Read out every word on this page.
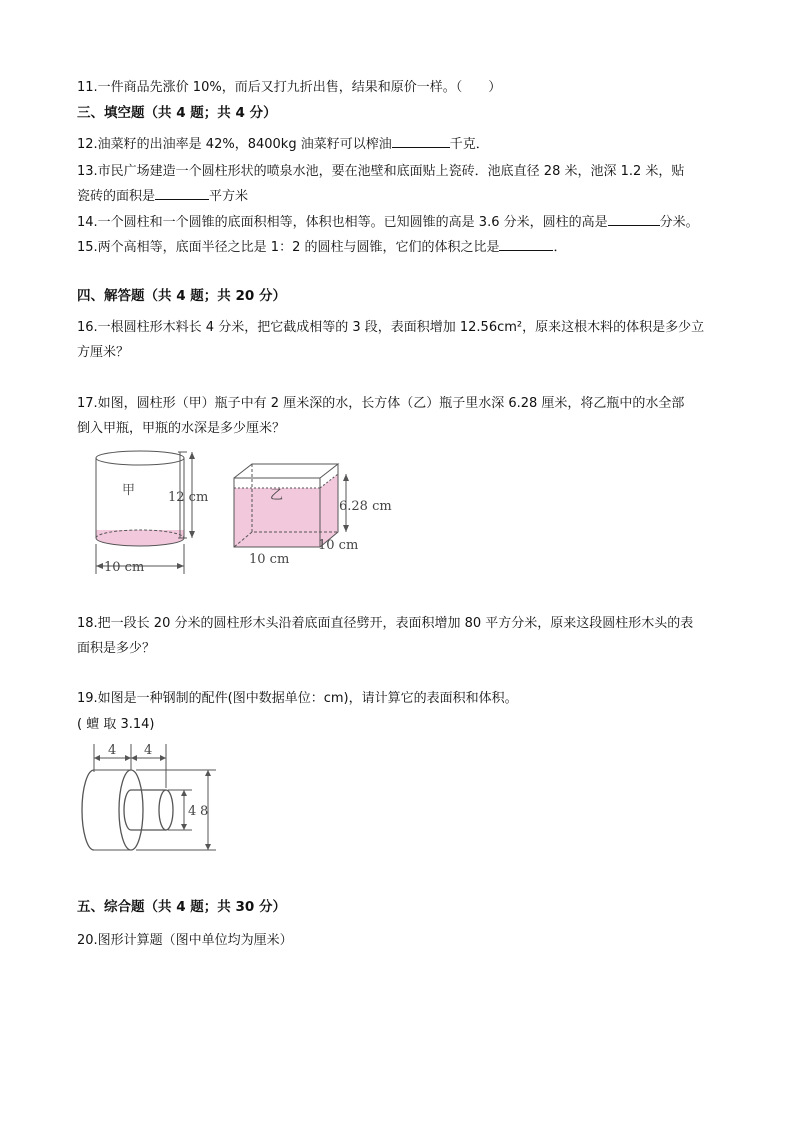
11.一件商品先涨价 10%，而后又打九折出售，结果和原价一样。（　　）
三、填空题（共 4 题；共 4 分）
12.油菜籽的出油率是 42%，8400kg 油菜籽可以榨油	千克．
13.市民广场建造一个圆柱形状的喷泉水池，要在池壁和底面贴上瓷砖．池底直径 28 米，池深 1.2 米，贴
瓷砖的面积是	平方米
14.一个圆柱和一个圆锥的底面积相等，体积也相等。已知圆锥的高是 3.6 分米，圆柱的高是	分米。
15.两个高相等，底面半径之比是 1：2 的圆柱与圆锥，它们的体积之比是	．
四、解答题（共 4 题；共 20 分）
16.一根圆柱形木料长 4 分米，把它截成相等的 3 段，表面积增加 12.56cm²，原来这根木料的体积是多少立
方厘米？
17.如图，圆柱形（甲）瓶子中有 2 厘米深的水，长方体（乙）瓶子里水深 6.28 厘米，将乙瓶中的水全部
倒入甲瓶，甲瓶的水深是多少厘米？
甲	12 cm
10 cm
乙
6.28 cm
10 cm
10 cm
18.把一段长 20 分米的圆柱形木头沿着底面直径劈开，表面积增加 80 平方分米，原来这段圆柱形木头的表
面积是多少？
19.如图是一种钢制的配件(图中数据单位：cm)，请计算它的表面积和体积。
( 蟺 取 3.14)
4 4
4 8
五、综合题（共 4 题；共 30 分）
20.图形计算题（图中单位均为厘米）
